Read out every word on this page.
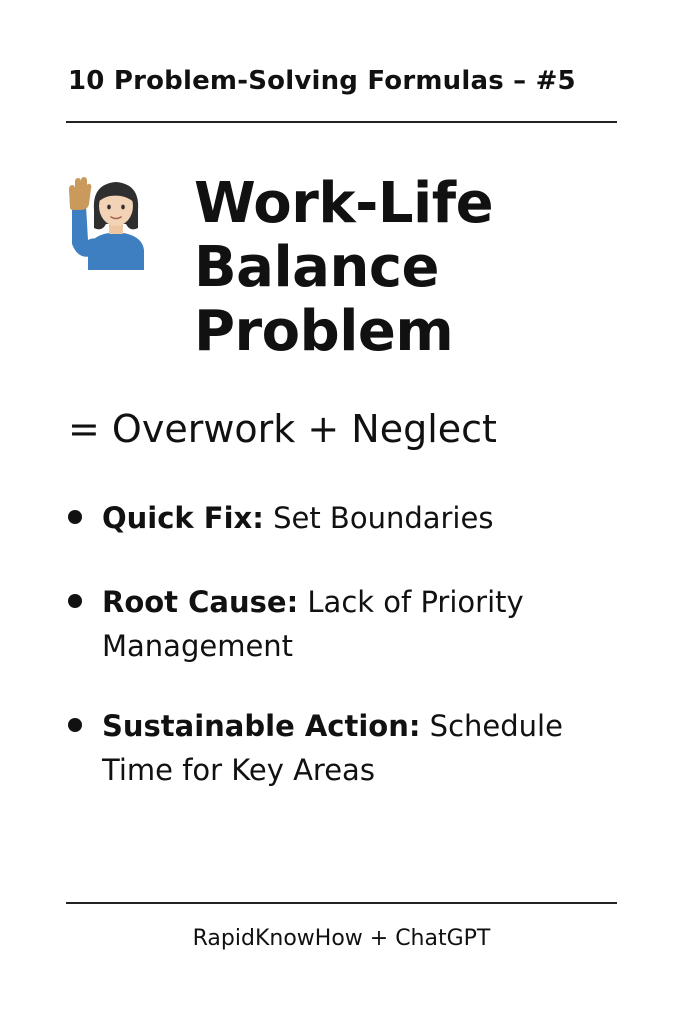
10 Problem-Solving Formulas – #5
Work-Life
Balance
Problem
= Overwork + Neglect
Quick Fix: Set Boundaries
Root Cause: Lack of Priority Management
Sustainable Action: Schedule Time for Key Areas
RapidKnowHow + ChatGPT
